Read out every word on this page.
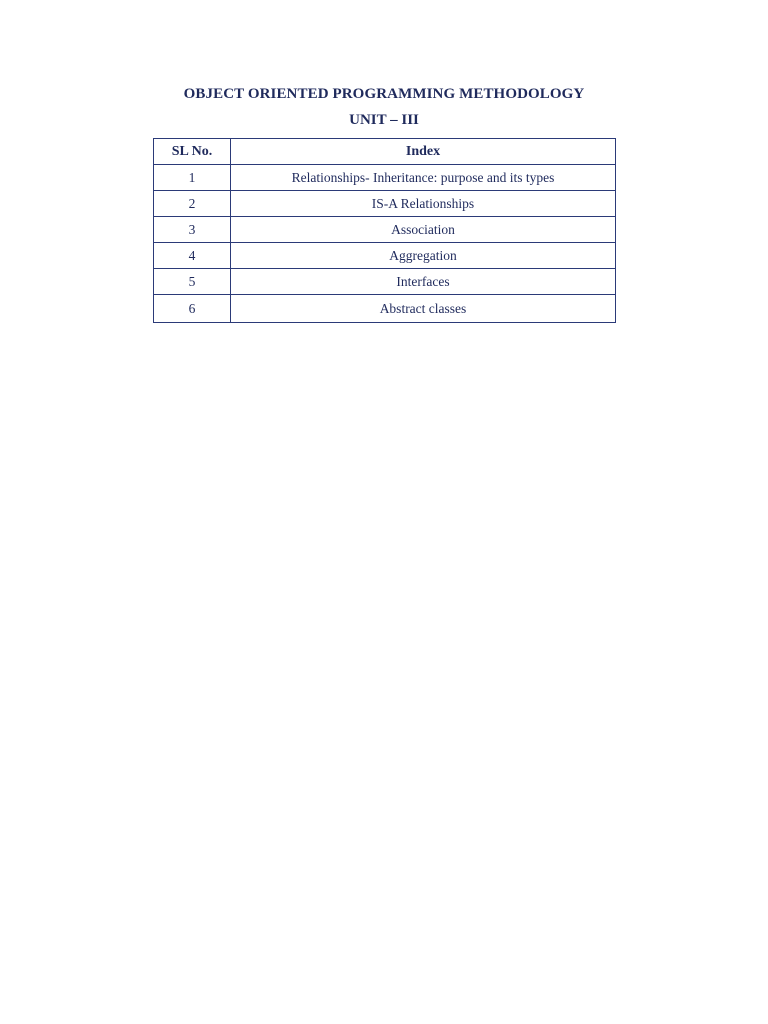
OBJECT ORIENTED PROGRAMMING METHODOLOGY
UNIT – III
SL No.	Index
1	Relationships- Inheritance: purpose and its types
2	IS-A Relationships
3	Association
4	Aggregation
5	Interfaces
6	Abstract classes
